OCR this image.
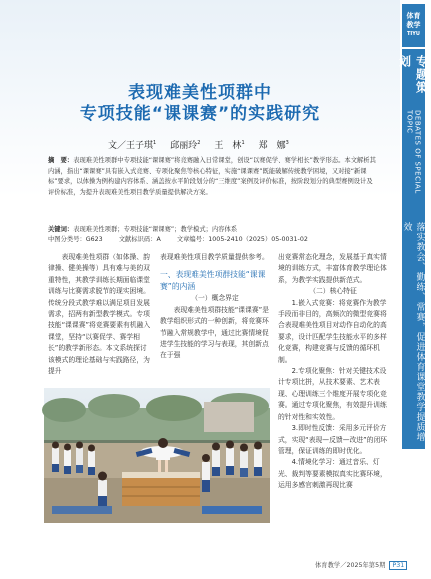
体育
教学
TIYU
专题策划
DEBATES OF SPECIAL TOPIC
落实教会、勤练、常赛，促进体育课堂教学提质增效
表现难美性项群中
专项技能“课课赛”的实践研究
文／王子琪$^1$ 邱丽玲$^2$ 王　林$^1$ 郑　娜$^3$
摘　要：表现难美性项群中专项技能“课课赛”将竞赛融入日常课堂，创设“以赛促学、赛学相长”教学形态。本文解析其内涵，指出“课课赛”具有嵌入式竞赛、专项化聚焦等核心特征，实施“课课赛”既能破解传统教学困境，又对接“新课标”要求，以体操为例构建内容体系、涵盖按水平阶段划分的“三维度”案例及评价标准，按阶段划分的典型赛例设计及评价标准，为提升表现难美性项目教学质量提供解决方案。
关键词：表现难美性项群；专项技能“课课赛”；教学模式；内容体系
中图分类号：G623	文献标识码：A	文章编号：1005-2410（2025）05-0031-02

表现难美性项群（如体操、韵律操、健美操等）具有难与美的双重特性，其教学训练长期面临课堂训练与比赛需求脱节的现实困境。传统分段式教学难以满足项目发展需求，招两有新型教学模式。专项技能“课课赛”将竞赛要素有机融入课堂，坚持“以赛促学、赛学相长”的教学新形态。本文系统探讨该模式的理论基础与实践路径，为提升

表现难美性项目教学质量提供参考。

一、表现难美性项群技能“课课赛”的内涵

（一）概念界定

表现难美性项群技能“课课赛”是教学组织形式的一种创新，将竞赛环节融入常规教学中，通过比赛情境促进学生技能的学习与表现，其创新点在于强

出竞赛常态化理念，发展基于真实情境的训练方式，丰富体育教学理论体系，为教学实践提供新范式。

（二）核心特征

1.嵌入式竞赛：将竞赛作为教学手段而非目的，高频次的微型竞赛将合表现难美性项目对动作自动化的高要求，设计匹配学生技能水平的多样化竞赛，构建竞赛与反馈的循环机制。

2.专项化聚焦：针对关键技术设计专项比拼，从技术要素、艺术表现、心理训练三个维度开展专项化竞赛。通过专项化聚焦，有效提升训练的针对性和实效性。

3.即时性反馈：采用多元评价方式，实现“表现—反馈—改进”的闭环管理，保证训练的即时优化。

4.情境化学习：通过音乐、灯光、裁判等要素模拟真实比赛环境，运用多感官刺激再现比赛

体育教学／2025年第5期 P31
